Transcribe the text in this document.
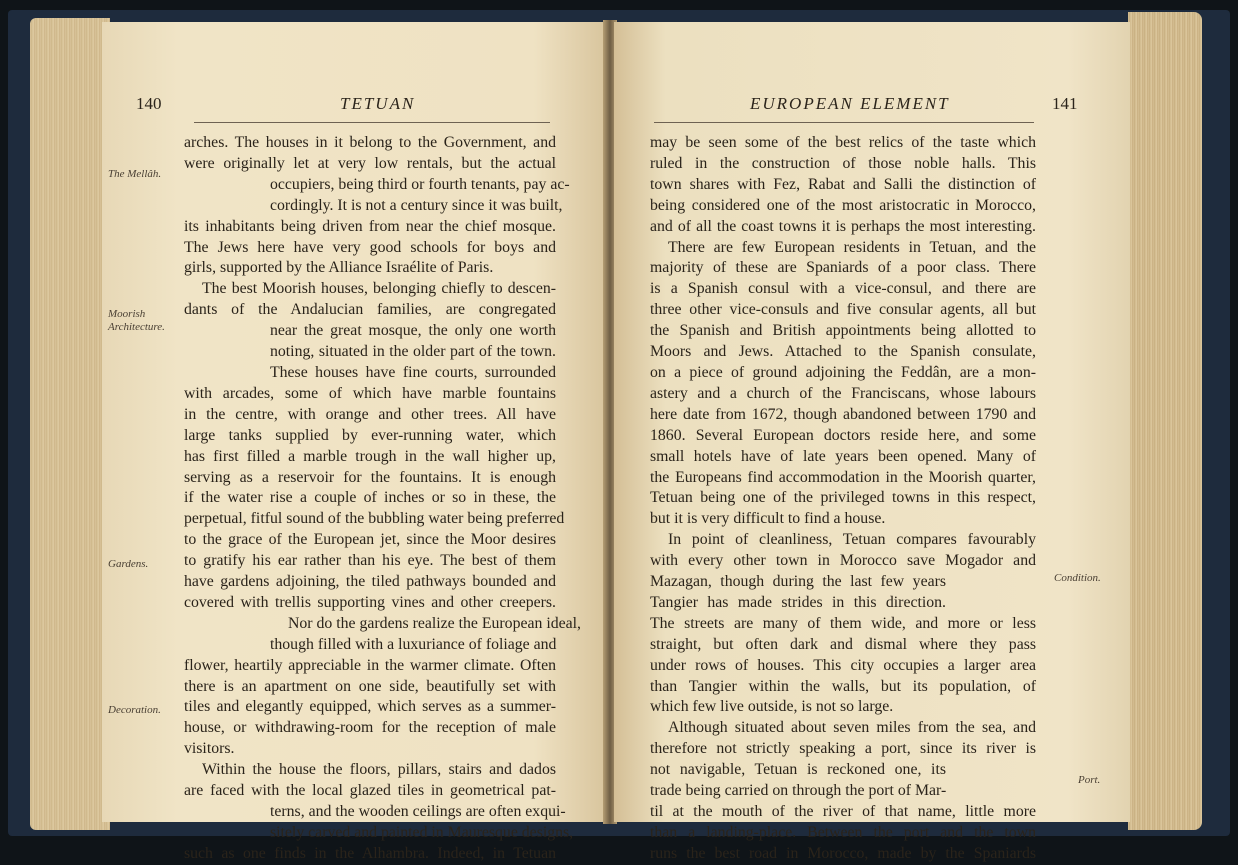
140	TETUAN
The Mellâh.
Moorish Architecture.
Gardens.
Decoration.
arches. The houses in it belong to the Government, and
were originally let at very low rentals, but the actual
occupiers, being third or fourth tenants, pay ac-
cordingly. It is not a century since it was built,
its inhabitants being driven from near the chief mosque.
The Jews here have very good schools for boys and
girls, supported by the Alliance Israélite of Paris.
The best Moorish houses, belonging chiefly to descen-
dants of the Andalucian families, are congregated
near the great mosque, the only one worth
noting, situated in the older part of the town.
These houses have fine courts, surrounded
with arcades, some of which have marble fountains
in the centre, with orange and other trees. All have
large tanks supplied by ever-running water, which
has first filled a marble trough in the wall higher up,
serving as a reservoir for the fountains. It is enough
if the water rise a couple of inches or so in these, the
perpetual, fitful sound of the bubbling water being preferred
to the grace of the European jet, since the Moor desires
to gratify his ear rather than his eye. The best of them
have gardens adjoining, the tiled pathways bounded and
covered with trellis supporting vines and other creepers.
Nor do the gardens realize the European ideal,
though filled with a luxuriance of foliage and
flower, heartily appreciable in the warmer climate. Often
there is an apartment on one side, beautifully set with
tiles and elegantly equipped, which serves as a summer-
house, or withdrawing-room for the reception of male
visitors.
Within the house the floors, pillars, stairs and dados
are faced with the local glazed tiles in geometrical pat-
terns, and the wooden ceilings are often exqui-
sitely carved and painted in Mauresque designs,
such as one finds in the Alhambra. Indeed, in Tetuan
EUROPEAN ELEMENT	141
may be seen some of the best relics of the taste which
ruled in the construction of those noble halls. This
town shares with Fez, Rabat and Salli the distinction of
being considered one of the most aristocratic in Morocco,
and of all the coast towns it is perhaps the most interesting.
There are few European residents in Tetuan, and the
majority of these are Spaniards of a poor class. There
is a Spanish consul with a vice-consul, and there are
three other vice-consuls and five consular agents, all but
the Spanish and British appointments being allotted to
Moors and Jews. Attached to the Spanish consulate,
on a piece of ground adjoining the Feddân, are a mon-
astery and a church of the Franciscans, whose labours
here date from 1672, though abandoned between 1790 and
1860. Several European doctors reside here, and some
small hotels have of late years been opened. Many of
the Europeans find accommodation in the Moorish quarter,
Tetuan being one of the privileged towns in this respect,
but it is very difficult to find a house.
In point of cleanliness, Tetuan compares favourably
with every other town in Morocco save Mogador and
Mazagan, though during the last few years
Tangier has made strides in this direction.
The streets are many of them wide, and more or less
straight, but often dark and dismal where they pass
under rows of houses. This city occupies a larger area
than Tangier within the walls, but its population, of
which few live outside, is not so large.
Although situated about seven miles from the sea, and
therefore not strictly speaking a port, since its river is
not navigable, Tetuan is reckoned one, its
trade being carried on through the port of Mar-
til at the mouth of the river of that name, little more
than a landing-place. Between the port and the town
runs the best road in Morocco, made by the Spaniards
Condition.
Port.
